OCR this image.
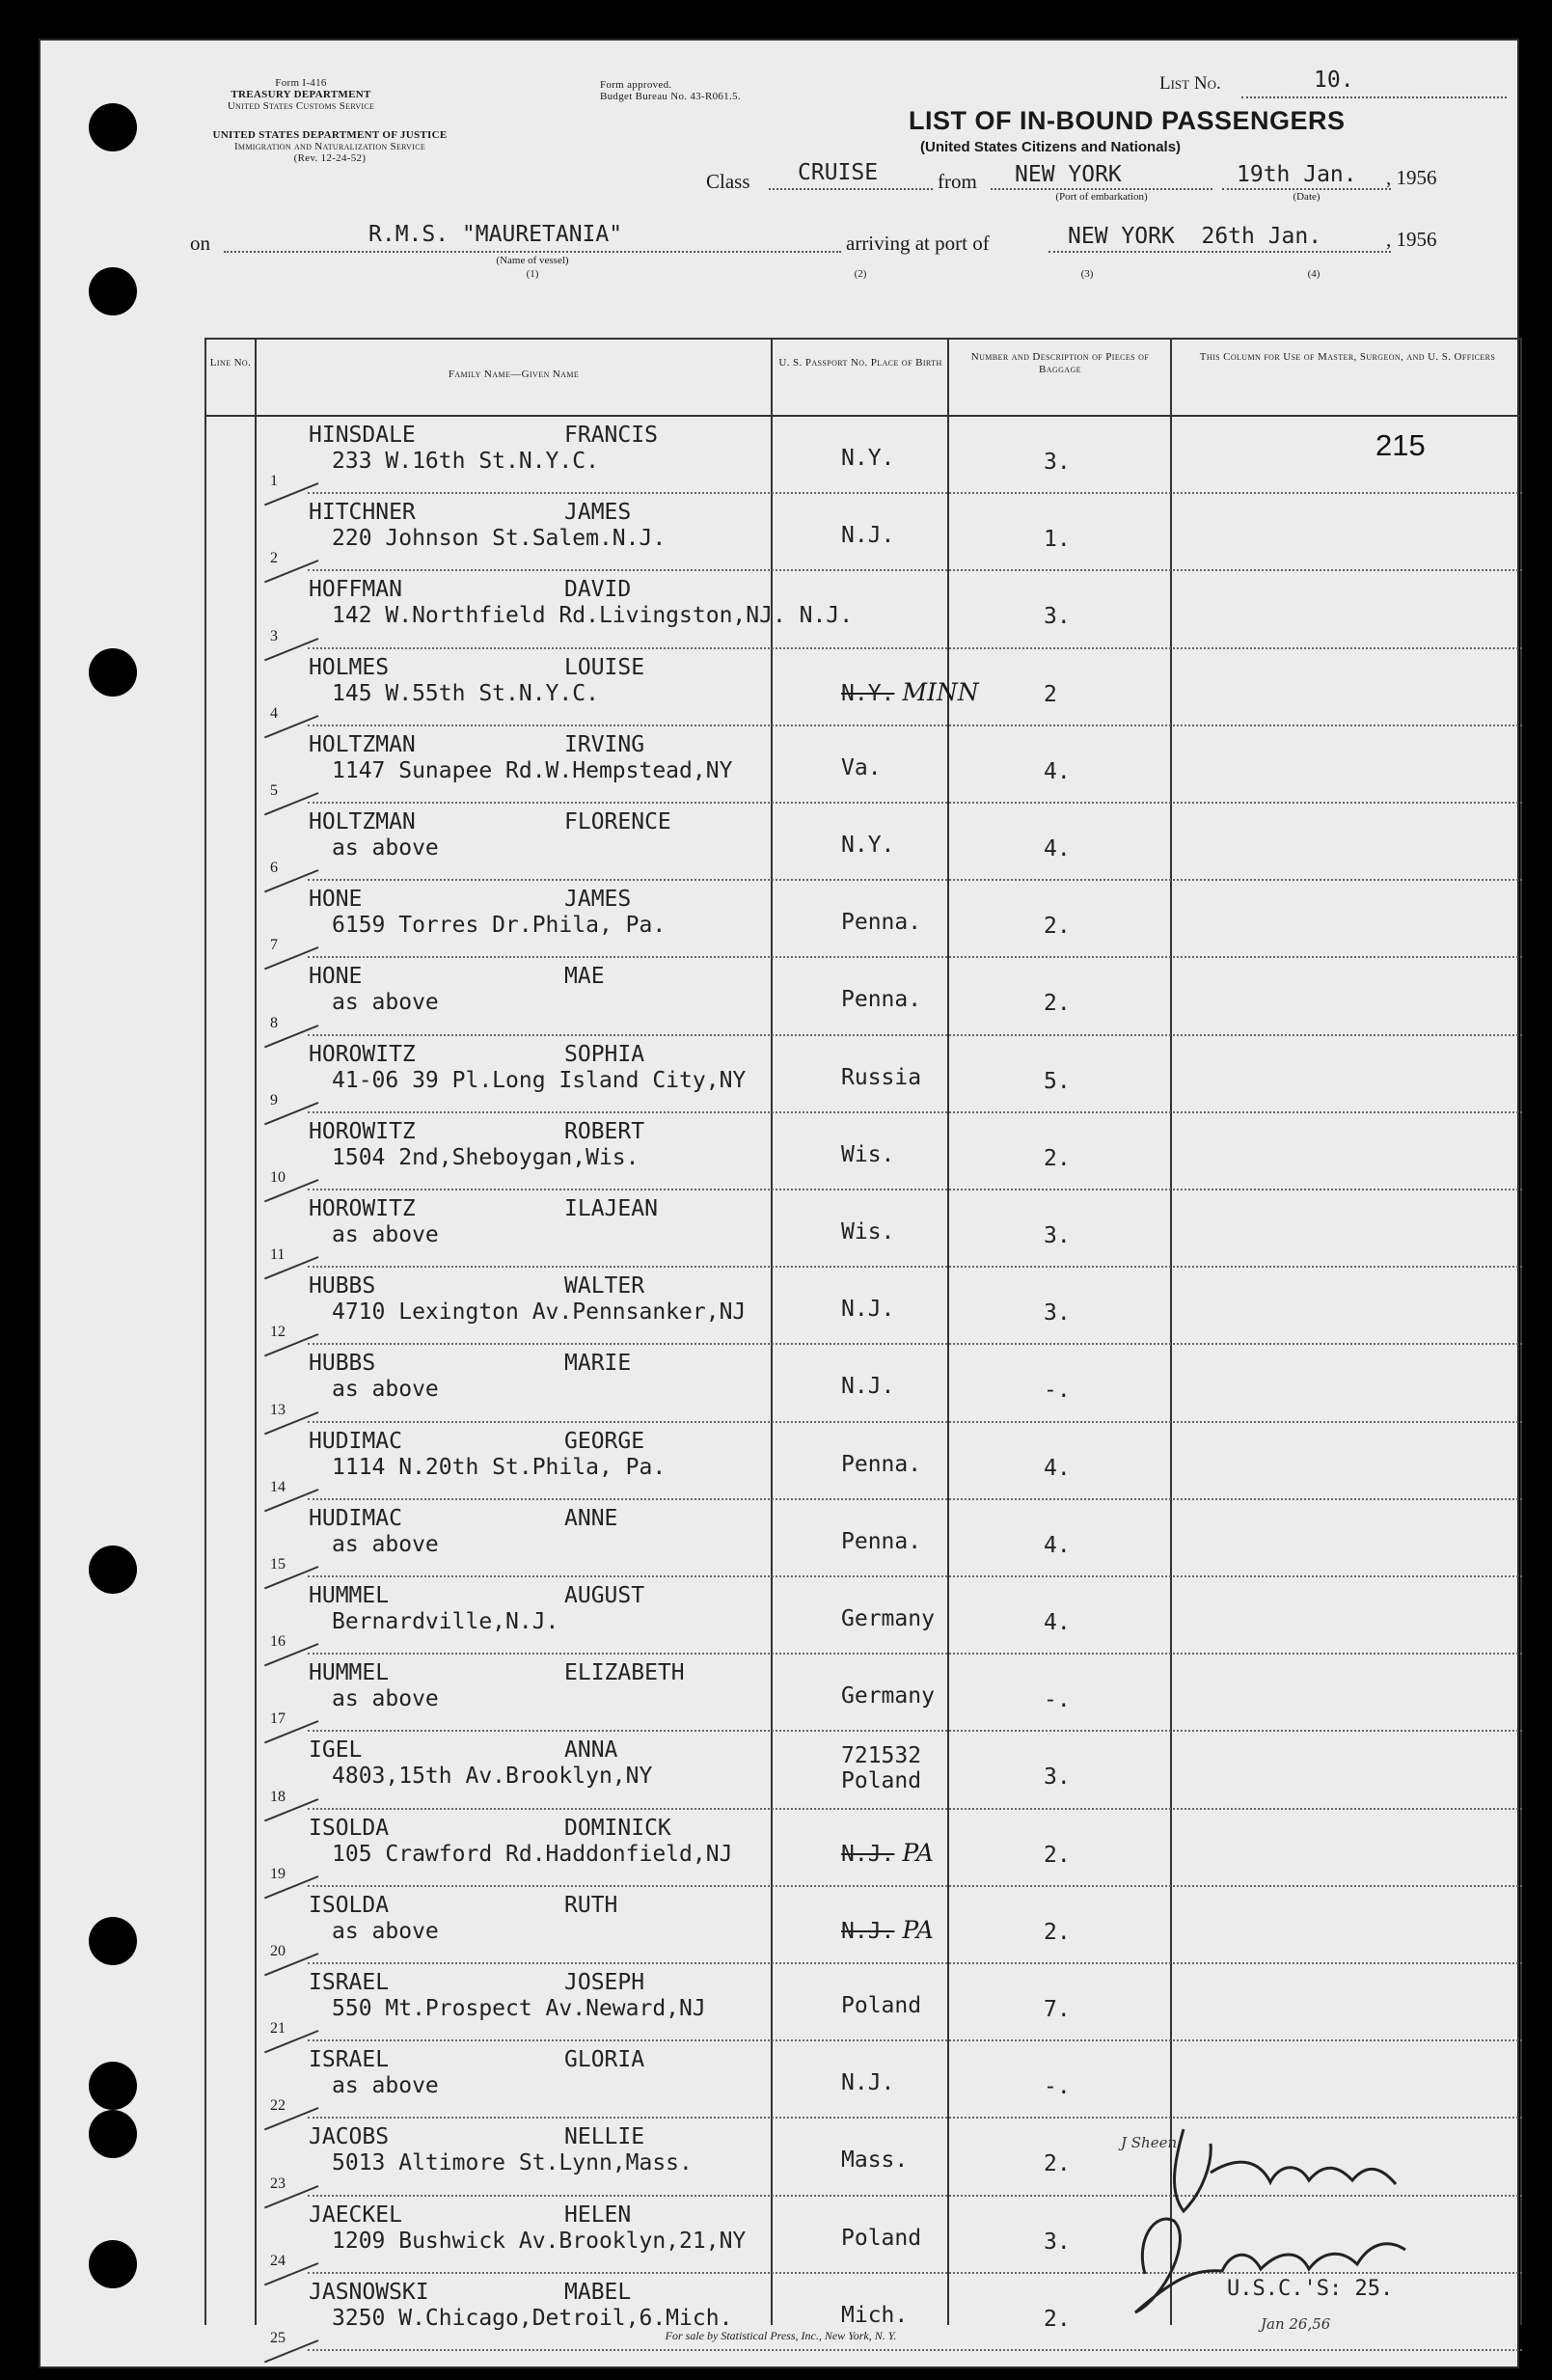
Form I-416
TREASURY DEPARTMENT
United States Customs Service
UNITED STATES DEPARTMENT OF JUSTICE
Immigration and Naturalization Service
(Rev. 12-24-52)
Form approved.
Budget Bureau No. 43-R061.5.
List No.	10.
LIST OF IN-BOUND PASSENGERS
(United States Citizens and Nationals)
Class CRUISE	from NEW YORK
(Port of embarkation)
19th Jan.
(Date)
, 1956
on	R.M.S. "MAURETANIA"
(Name of vessel)
(1)
arriving at port of	NEW YORK  26th Jan.	, 1956
(2)	(3)	(4)
Line No.
Family Name—Given Name
U. S. Passport No. Place of Birth	Number and Description of Pieces of Baggage
This Column for Use of Master, Surgeon, and U. S. Officers
1
HINSDALE	FRANCIS
233 W.16th St.N.Y.C.	N.Y.	3.	215
2
HITCHNER	JAMES
220 Johnson St.Salem.N.J.	N.J.	1.
3
HOFFMAN	DAVID
142 W.Northfield Rd.Livingston,NJ. N.J.	3.
4
HOLMES	LOUISE
145 W.55th St.N.Y.C.	N.Y. MINN	2
5
HOLTZMAN	IRVING
1147 Sunapee Rd.W.Hempstead,NY	Va.	4.
6
HOLTZMAN	FLORENCE
as above	N.Y.	4.
7
HONE	JAMES
6159 Torres Dr.Phila, Pa.	Penna.	2.
8
HONE	MAE
as above	Penna.	2.
9
HOROWITZ	SOPHIA
41-06 39 Pl.Long Island City,NY	Russia	5.
10
HOROWITZ	ROBERT
1504 2nd,Sheboygan,Wis.	Wis.	2.
11
HOROWITZ	ILAJEAN
as above	Wis.	3.
12
HUBBS	WALTER
4710 Lexington Av.Pennsanker,NJ	N.J.	3.
13
HUBBS	MARIE
as above	N.J.	-.
14
HUDIMAC	GEORGE
1114 N.20th St.Phila, Pa.	Penna.	4.
15
HUDIMAC	ANNE
as above	Penna.	4.
16
HUMMEL	AUGUST
Bernardville,N.J.	Germany	4.
17
HUMMEL	ELIZABETH
as above	Germany	-.
18
IGEL	ANNA
4803,15th Av.Brooklyn,NY
721532
Poland	3.
19
ISOLDA	DOMINICK
105 Crawford Rd.Haddonfield,NJ	N.J. PA	2.
20
ISOLDA	RUTH
as above	N.J. PA	2.
21
ISRAEL	JOSEPH
550 Mt.Prospect Av.Neward,NJ	Poland	7.
22
ISRAEL	GLORIA
as above	N.J.	-.
23
JACOBS	NELLIE
5013 Altimore St.Lynn,Mass.	Mass.	2.
24
JAECKEL	HELEN
1209 Bushwick Av.Brooklyn,21,NY	Poland	3.
25
JASNOWSKI	MABEL
3250 W.Chicago,Detroil,6.Mich.	Mich.	2.	Jan 26,56
J Sheen
U.S.C.'S: 25.
For sale by Statistical Press, Inc., New York, N. Y.
